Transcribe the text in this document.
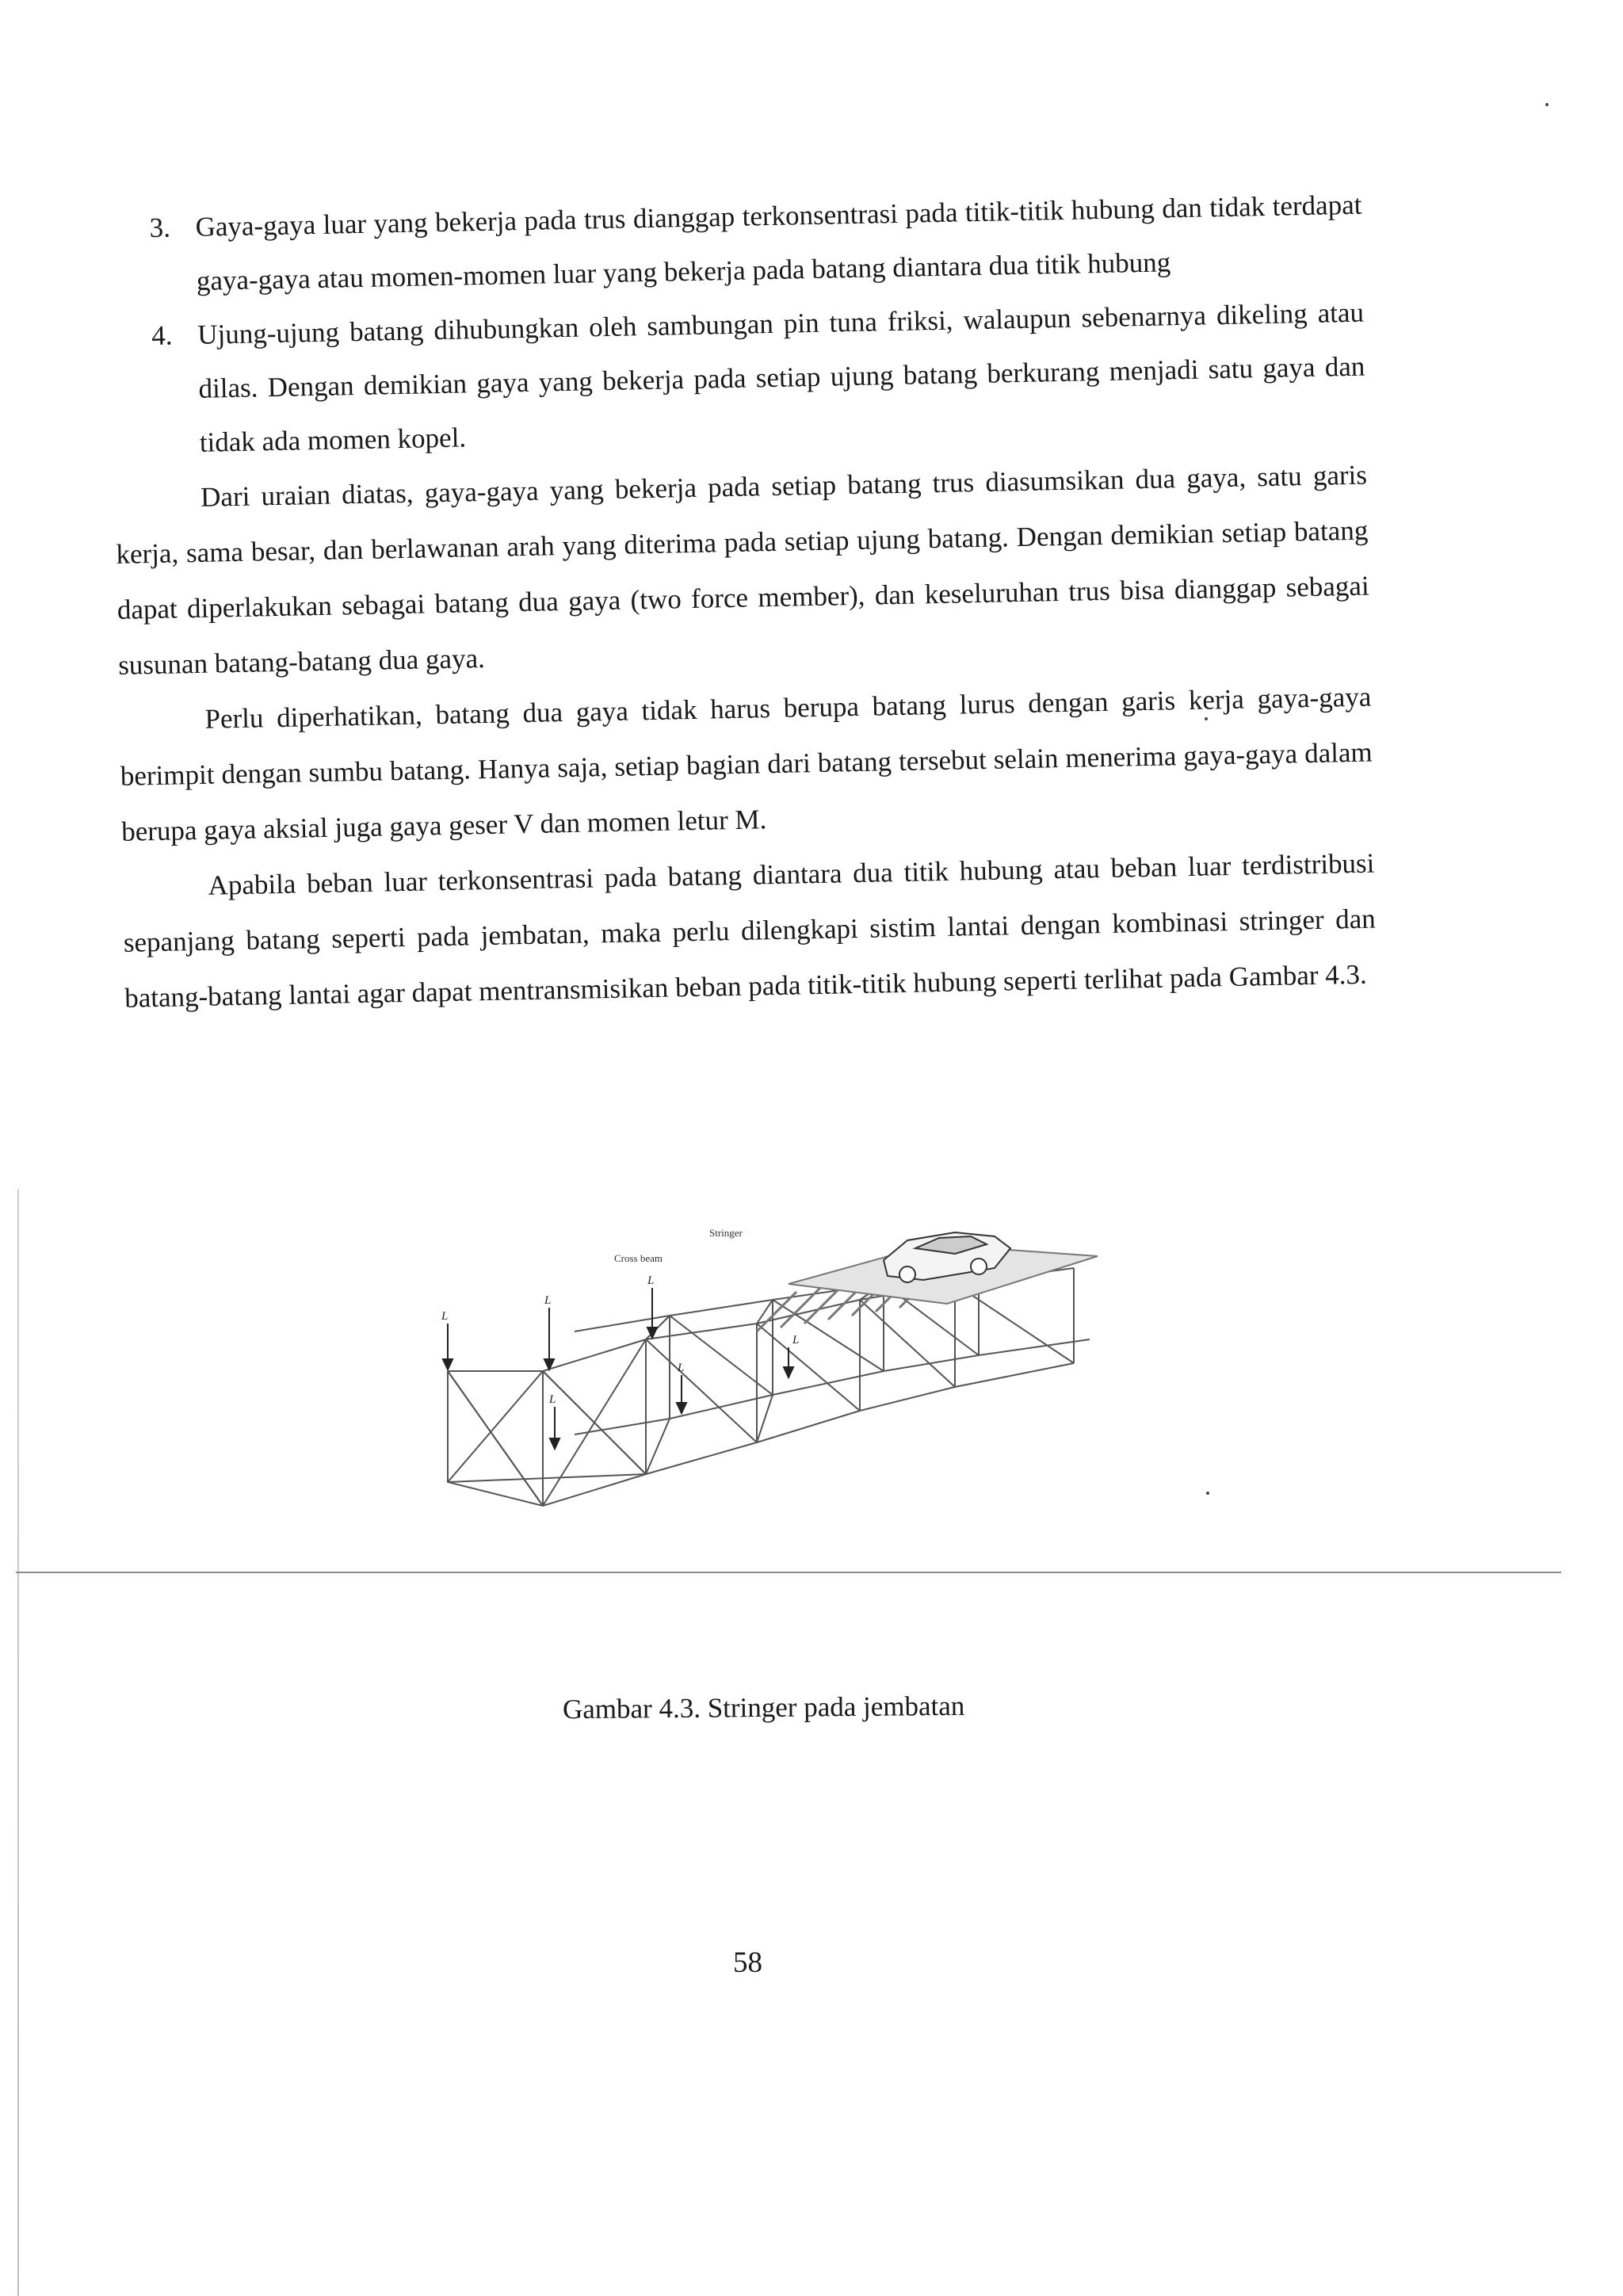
3. Gaya-gaya luar yang bekerja pada trus dianggap terkonsentrasi pada titik-titik hubung dan tidak terdapat gaya-gaya atau momen-momen luar yang bekerja pada batang diantara dua titik hubung
4. Ujung-ujung batang dihubungkan oleh sambungan pin tuna friksi, walaupun sebenarnya dikeling atau dilas. Dengan demikian gaya yang bekerja pada setiap ujung batang berkurang menjadi satu gaya dan tidak ada momen kopel.

Dari uraian diatas, gaya-gaya yang bekerja pada setiap batang trus diasumsikan dua gaya, satu garis kerja, sama besar, dan berlawanan arah yang diterima pada setiap ujung batang. Dengan demikian setiap batang dapat diperlakukan sebagai batang dua gaya (two force member), dan keseluruhan trus bisa dianggap sebagai susunan batang-batang dua gaya.

Perlu diperhatikan, batang dua gaya tidak harus berupa batang lurus dengan garis kerja gaya-gaya berimpit dengan sumbu batang. Hanya saja, setiap bagian dari batang tersebut selain menerima gaya-gaya dalam berupa gaya aksial juga gaya geser V dan momen letur M.

Apabila beban luar terkonsentrasi pada batang diantara dua titik hubung atau beban luar terdistribusi sepanjang batang seperti pada jembatan, maka perlu dilengkapi sistim lantai dengan kombinasi stringer dan batang-batang lantai agar dapat mentransmisikan beban pada titik-titik hubung seperti terlihat pada Gambar 4.3.

L
L
L
L
L
L
Stringer
Cross beam
Gambar 4.3. Stringer pada jembatan
58
